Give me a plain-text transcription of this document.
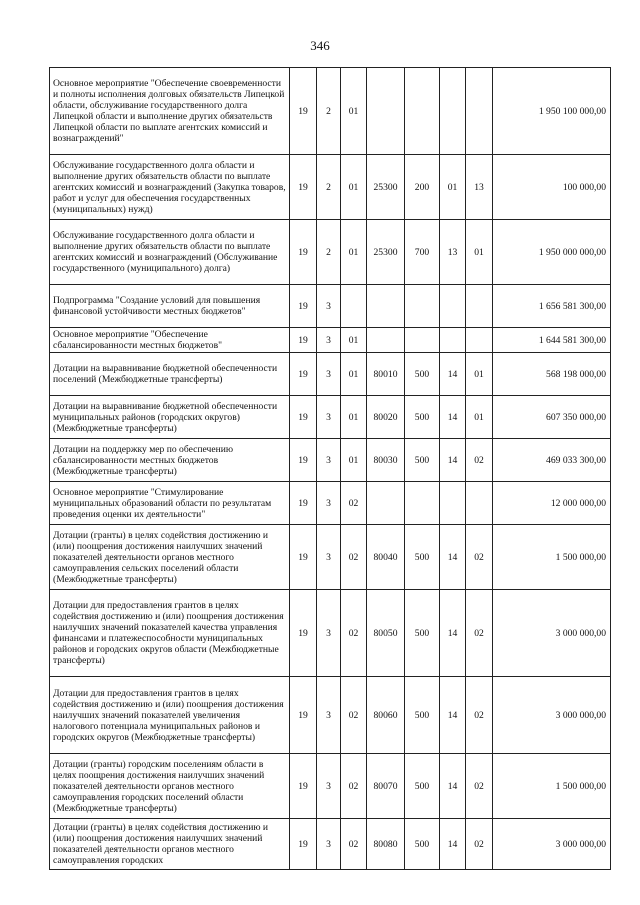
346
Основное мероприятие "Обеспечение своевременности и полноты исполнения долговых обязательств Липецкой области, обслуживание государственного долга Липецкой области и выполнение других обязательств Липецкой области по выплате агентских комиссий и вознаграждений"	19	2	01					1 950 100 000,00
Обслуживание государственного долга области и выполнение других обязательств области по выплате агентских комиссий и вознаграждений (Закупка товаров, работ и услуг для обеспечения государственных (муниципальных) нужд)	19	2	01	25300	200	01	13	100 000,00
Обслуживание государственного долга области и выполнение других обязательств области по выплате агентских комиссий и вознаграждений (Обслуживание государственного (муниципального) долга)	19	2	01	25300	700	13	01	1 950 000 000,00
Подпрограмма "Создание условий для повышения финансовой устойчивости местных бюджетов"	19	3						1 656 581 300,00
Основное мероприятие "Обеспечение сбалансированности местных бюджетов"	19	3	01					1 644 581 300,00
Дотации на выравнивание бюджетной обеспеченности поселений (Межбюджетные трансферты)	19	3	01	80010	500	14	01	568 198 000,00
Дотации на выравнивание бюджетной обеспеченности муниципальных районов (городских округов) (Межбюджетные трансферты)	19	3	01	80020	500	14	01	607 350 000,00
Дотации на поддержку мер по обеспечению сбалансированности местных бюджетов (Межбюджетные трансферты)	19	3	01	80030	500	14	02	469 033 300,00
Основное мероприятие "Стимулирование муниципальных образований области по результатам проведения оценки их деятельности"	19	3	02					12 000 000,00
Дотации (гранты) в целях содействия достижению и (или) поощрения достижения наилучших значений показателей деятельности органов местного самоуправления сельских поселений области (Межбюджетные трансферты)	19	3	02	80040	500	14	02	1 500 000,00
Дотации для предоставления грантов в целях содействия достижению и (или) поощрения достижения наилучших значений показателей качества управления финансами и платежеспособности муниципальных районов и городских округов области (Межбюджетные трансферты)	19	3	02	80050	500	14	02	3 000 000,00
Дотации для предоставления грантов в целях содействия достижению и (или) поощрения достижения наилучших значений показателей увеличения налогового потенциала муниципальных районов и городских округов (Межбюджетные трансферты)	19	3	02	80060	500	14	02	3 000 000,00
Дотации (гранты) городским поселениям области в целях поощрения достижения наилучших значений показателей деятельности органов местного самоуправления городских поселений области (Межбюджетные трансферты)	19	3	02	80070	500	14	02	1 500 000,00
Дотации (гранты) в целях содействия достижению и (или) поощрения достижения наилучших значений показателей деятельности органов местного самоуправления городских	19	3	02	80080	500	14	02	3 000 000,00
